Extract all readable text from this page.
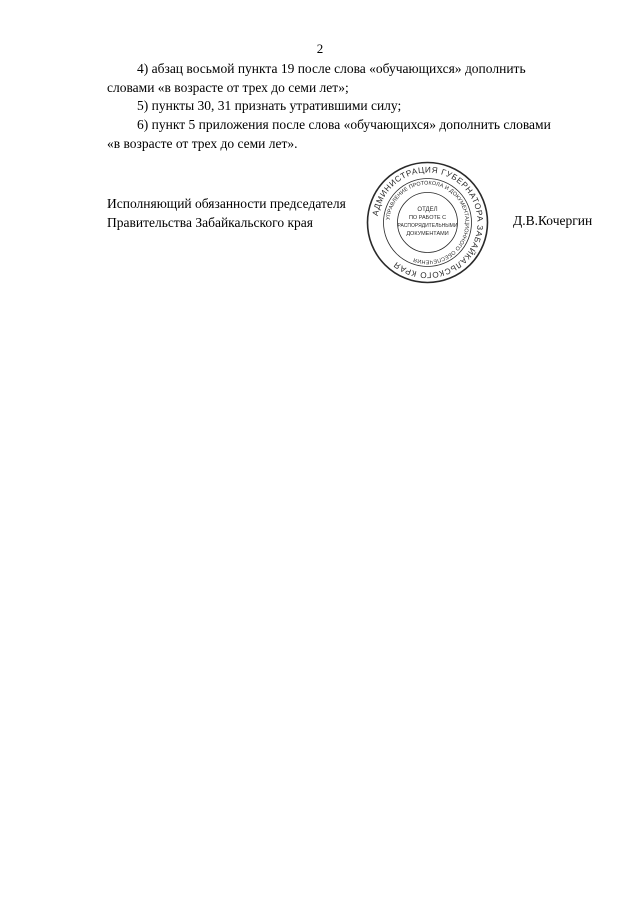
2
4) абзац восьмой пункта 19 после слова «обучающихся» дополнить
словами «в возрасте от трех до семи лет»;
5) пункты 30, 31 признать утратившими силу;
6) пункт 5 приложения после слова «обучающихся» дополнить словами
«в возрасте от трех до семи лет».
Исполняющий обязанности председателя
Правительства Забайкальского края	Д.В.Кочергин
АДМИНИСТРАЦИЯ ГУБЕРНАТОРА ЗАБАЙКАЛЬСКОГО КРАЯ
УПРАВЛЕНИЕ ПРОТОКОЛА И ДОКУМЕНТАЦИОННОГО ОБЕСПЕЧЕНИЯ
ОТДЕЛ
ПО РАБОТЕ С
РАСПОРЯДИТЕЛЬНЫМИ
ДОКУМЕНТАМИ
